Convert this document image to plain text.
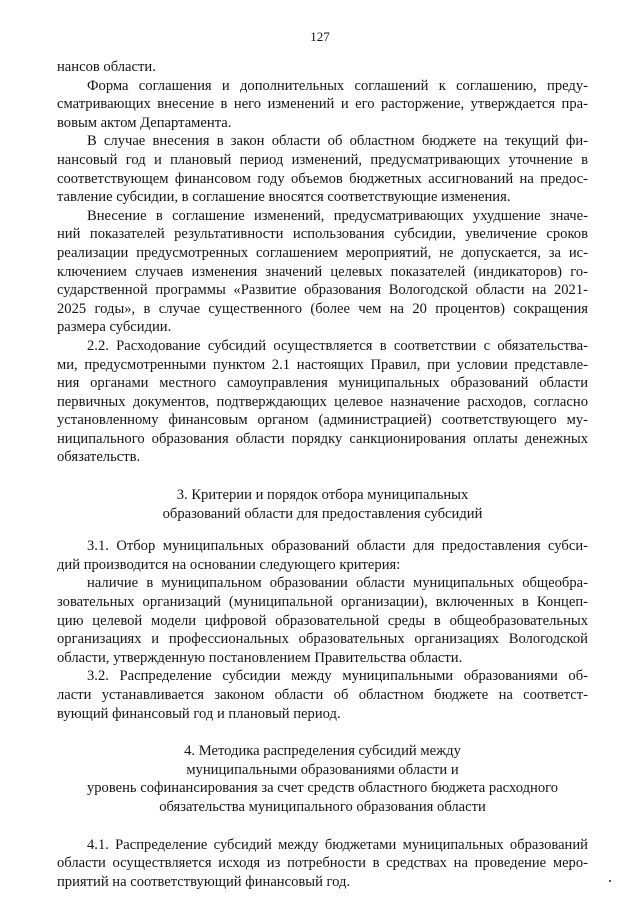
127
нансов области.
Форма соглашения и дополнительных соглашений к соглашению, преду-
сматривающих внесение в него изменений и его расторжение, утверждается пра-
вовым актом Департамента.
В случае внесения в закон области об областном бюджете на текущий фи-
нансовый год и плановый период изменений, предусматривающих уточнение в
соответствующем финансовом году объемов бюджетных ассигнований на предос-
тавление субсидии, в соглашение вносятся соответствующие изменения.
Внесение в соглашение изменений, предусматривающих ухудшение значе-
ний показателей результативности использования субсидии, увеличение сроков
реализации предусмотренных соглашением мероприятий, не допускается, за ис-
ключением случаев изменения значений целевых показателей (индикаторов) го-
сударственной программы «Развитие образования Вологодской области на 2021-
2025 годы», в случае существенного (более чем на 20 процентов) сокращения
размера субсидии.
2.2. Расходование субсидий осуществляется в соответствии с обязательства-
ми, предусмотренными пунктом 2.1 настоящих Правил, при условии представле-
ния органами местного самоуправления муниципальных образований области
первичных документов, подтверждающих целевое назначение расходов, согласно
установленному финансовым органом (администрацией) соответствующего му-
ниципального образования области порядку санкционирования оплаты денежных
обязательств.
3. Критерии и порядок отбора муниципальных
образований области для предоставления субсидий
3.1. Отбор муниципальных образований области для предоставления субси-
дий производится на основании следующего критерия:
наличие в муниципальном образовании области муниципальных общеобра-
зовательных организаций (муниципальной организации), включенных в Концеп-
цию целевой модели цифровой образовательной среды в общеобразовательных
организациях и профессиональных образовательных организациях Вологодской
области, утвержденную постановлением Правительства области.
3.2. Распределение субсидии между муниципальными образованиями об-
ласти устанавливается законом области об областном бюджете на соответст-
вующий финансовый год и плановый период.
4. Методика распределения субсидий между
муниципальными образованиями области и
уровень софинансирования за счет средств областного бюджета расходного
обязательства муниципального образования области
4.1. Распределение субсидий между бюджетами муниципальных образований
области осуществляется исходя из потребности в средствах на проведение меро-
приятий на соответствующий финансовый год.
